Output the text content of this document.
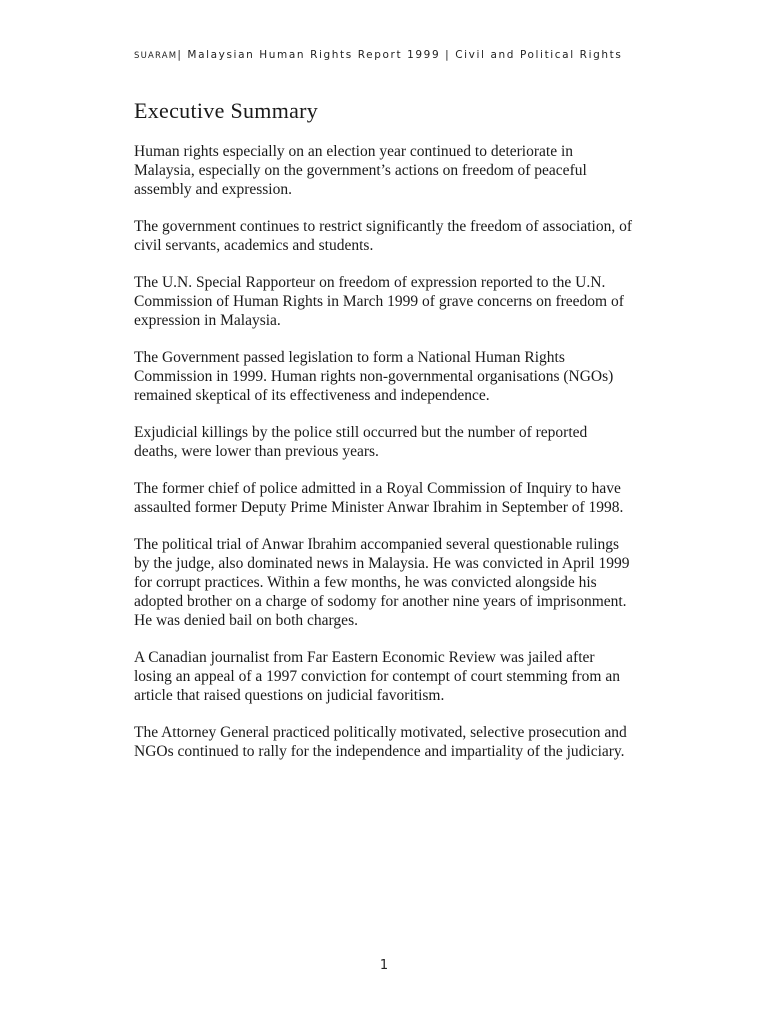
SUARAM| Malaysian Human Rights Report 1999 | Civil and Political Rights
Executive Summary

Human rights especially on an election year continued to deteriorate in Malaysia, especially on the government’s actions on freedom of peaceful assembly and expression.

The government continues to restrict significantly the freedom of association, of civil servants, academics and students.

The U.N. Special Rapporteur on freedom of expression reported to the U.N. Commission of Human Rights in March 1999 of grave concerns on freedom of expression in Malaysia.

The Government passed legislation to form a National Human Rights Commission in 1999. Human rights non-governmental organisations (NGOs) remained skeptical of its effectiveness and independence.

Exjudicial killings by the police still occurred but the number of reported deaths, were lower than previous years.

The former chief of police admitted in a Royal Commission of Inquiry to have assaulted former Deputy Prime Minister Anwar Ibrahim in September of 1998.

The political trial of Anwar Ibrahim accompanied several questionable rulings by the judge, also dominated news in Malaysia. He was convicted in April 1999 for corrupt practices. Within a few months, he was convicted alongside his adopted brother on a charge of sodomy for another nine years of imprisonment. He was denied bail on both charges.

A Canadian journalist from Far Eastern Economic Review was jailed after losing an appeal of a 1997 conviction for contempt of court stemming from an article that raised questions on judicial favoritism.

The Attorney General practiced politically motivated, selective prosecution and NGOs continued to rally for the independence and impartiality of the judiciary.

1
